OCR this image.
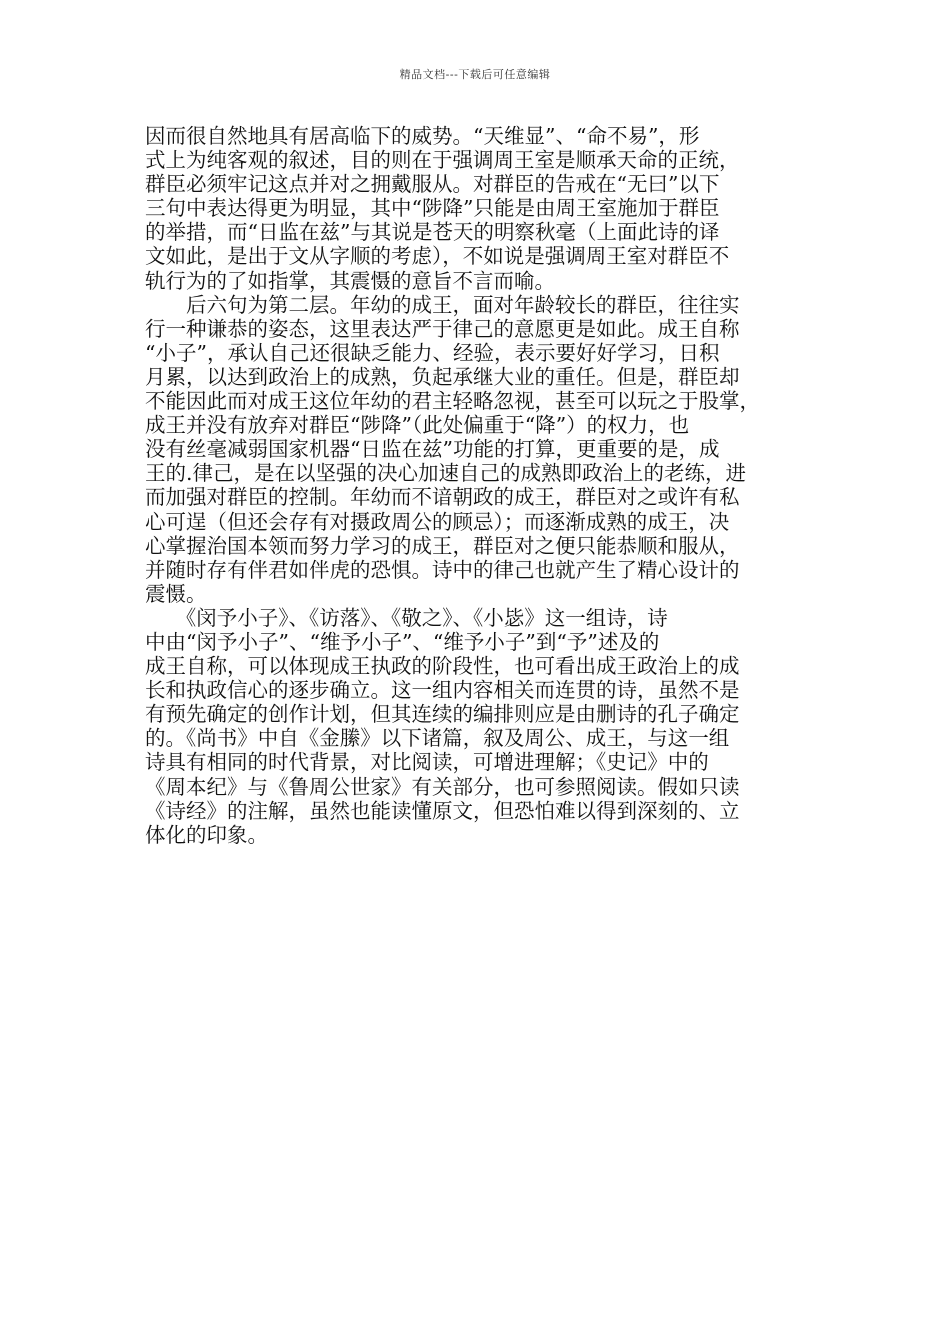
精品文档---下载后可任意编辑
因而很自然地具有居高临下的威势。“天维显”、“命不易”，形
式上为纯客观的叙述，目的则在于强调周王室是顺承天命的正统，
群臣必须牢记这点并对之拥戴服从。对群臣的告戒在“无曰”以下
三句中表达得更为明显，其中“陟降”只能是由周王室施加于群臣
的举措，而“日监在兹”与其说是苍天的明察秋毫（上面此诗的译
文如此，是出于文从字顺的考虑），不如说是强调周王室对群臣不
轨行为的了如指掌，其震慑的意旨不言而喻。
　　后六句为第二层。年幼的成王，面对年龄较长的群臣，往往实
行一种谦恭的姿态，这里表达严于律己的意愿更是如此。成王自称
“小子”，承认自己还很缺乏能力、经验，表示要好好学习，日积
月累，以达到政治上的成熟，负起承继大业的重任。但是，群臣却
不能因此而对成王这位年幼的君主轻略忽视，甚至可以玩之于股掌，
成王并没有放弃对群臣“陟降”（此处偏重于“降”）的权力，也
没有丝毫减弱国家机器“日监在兹”功能的打算，更重要的是，成
王的.律己，是在以坚强的决心加速自己的成熟即政治上的老练，进
而加强对群臣的控制。年幼而不谙朝政的成王，群臣对之或许有私
心可逞（但还会存有对摄政周公的顾忌）；而逐渐成熟的成王，决
心掌握治国本领而努力学习的成王，群臣对之便只能恭顺和服从，
并随时存有伴君如伴虎的恐惧。诗中的律己也就产生了精心设计的
震慑。
　　《闵予小子》、《访落》、《敬之》、《小毖》这一组诗，诗
中由“闵予小子”、“维予小子”、“维予小子”到“予”述及的
成王自称，可以体现成王执政的阶段性，也可看出成王政治上的成
长和执政信心的逐步确立。这一组内容相关而连贯的诗，虽然不是
有预先确定的创作计划，但其连续的编排则应是由删诗的孔子确定
的。《尚书》中自《金縢》以下诸篇，叙及周公、成王，与这一组
诗具有相同的时代背景，对比阅读，可增进理解；《史记》中的
《周本纪》与《鲁周公世家》有关部分，也可参照阅读。假如只读
《诗经》的注解，虽然也能读懂原文，但恐怕难以得到深刻的、立
体化的印象。
